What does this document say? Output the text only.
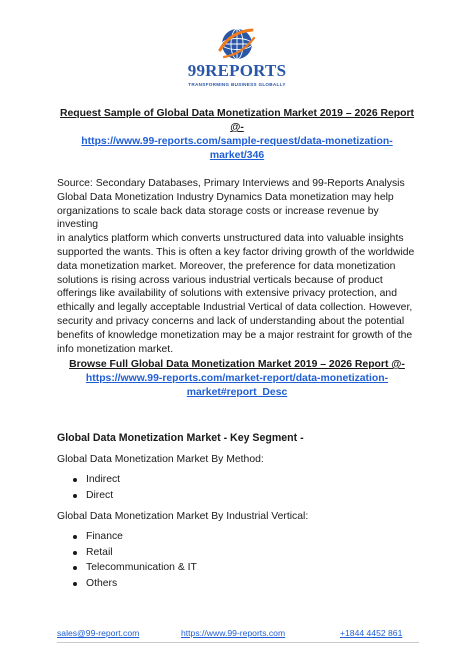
99REPORTS
TRANSFORMING BUSINESS GLOBALLY
Request Sample of Global Data Monetization Market 2019 – 2026 Report @-
https://www.99-reports.com/sample-request/data-monetization-
market/346

Source: Secondary Databases, Primary Interviews and 99-Reports Analysis

Global Data Monetization Industry Dynamics Data monetization may help

organizations to scale back data storage costs or increase revenue by investing

in analytics platform which converts unstructured data into valuable insights

supported the wants. This is often a key factor driving growth of the worldwide

data monetization market. Moreover, the preference for data monetization

solutions is rising across various industrial verticals because of product

offerings like availability of solutions with extensive privacy protection, and

ethically and legally acceptable Industrial Vertical of data collection. However,

security and privacy concerns and lack of understanding about the potential

benefits of knowledge monetization may be a major restraint for growth of the

info monetization market.

Browse Full Global Data Monetization Market 2019 – 2026 Report @-
https://www.99-reports.com/market-report/data-monetization-
market#report_Desc
Global Data Monetization Market - Key Segment -
Global Data Monetization Market By Method:
Indirect
Direct
Global Data Monetization Market By Industrial Vertical:
Finance
Retail
Telecommunication & IT
Others
sales@99-report.com	https://www.99-reports.com	+1844 4452 861
